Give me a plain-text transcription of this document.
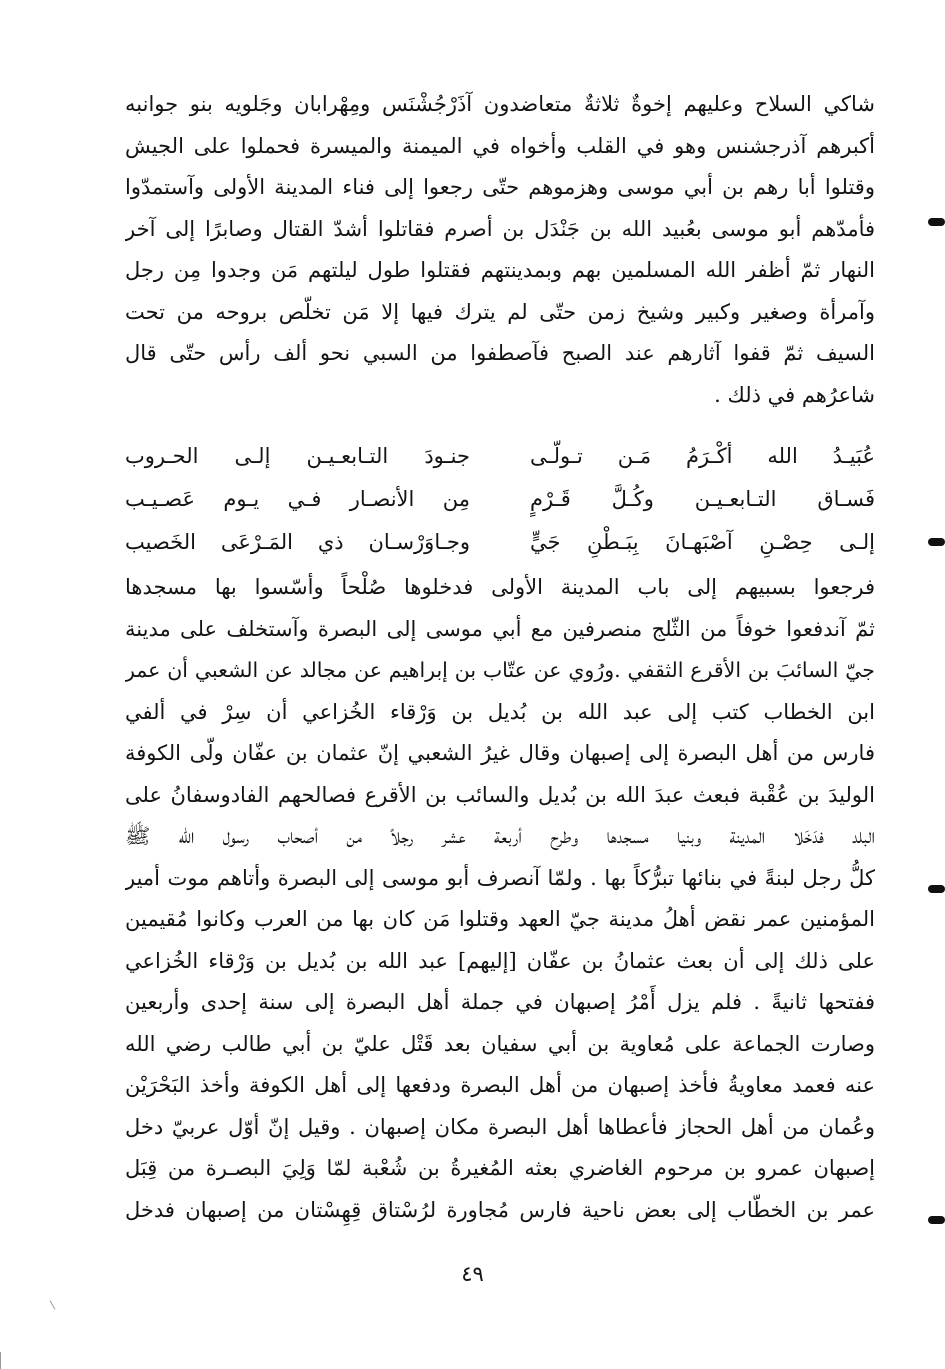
شاكي السلاح وعليهم إخوةٌ ثلاثةٌ متعاضدون آذَرْجُشْنَس ومِهْرابان وجَلويه بنو جوانبه
أكبرهم آذرجشنس وهو في القلب وأخواه في الميمنة والميسرة فحملوا على الجيش
وقتلوا أبا رهم بن أبي موسى وهزموهم حتّى رجعوا إلى فناء المدينة الأولى وآستمدّوا
فأمدّهم أبو موسى بعُبيد الله بن جَنْدَل بن أصرم فقاتلوا أشدّ القتال وصابرًا إلى آخر
النهار ثمّ أظفر الله المسلمين بهم وبمدينتهم فقتلوا طول ليلتهم مَن وجدوا مِن رجل
وآمرأة وصغير وكبير وشيخ زمن حتّى لم يترك فيها إلا مَن تخلّص بروحه من تحت
السيف ثمّ قفوا آثارهم عند الصبح فآصطفوا من السبي نحو ألف رأس حتّى قال
شاعرُهم في ذلك .
عُبَيـدُ الله أكْـرَمُ مَـن تـولّـى
جنـودَ التـابعـيـن إلـى الحـروب
فَسـاق التـابعـيـن وكُـلَّ قَـرْمٍ
مِن الأنصـار فـي يـوم عَصـيـب
إلـى حِصْـنِ آصْبَهـانَ بِبَـطْنِ جَيٍّ
وجـاوَرْسـان ذي المَـرْعَى الخَصيب
فرجعوا بسبيهم إلى باب المدينة الأولى فدخلوها صُلْحاً وأسّسوا بها مسجدها
ثمّ آندفعوا خوفاً من الثّلج منصرفين مع أبي موسى إلى البصرة وآستخلف على مدينة
جيّ السائبَ بن الأقرع الثقفي .ورُوي عن عتّاب بن إبراهيم عن مجالد عن الشعبي أن عمر
ابن الخطاب كتب إلى عبد الله بن بُديل بن وَرْقاء الخُزاعي أن سِرْ في ألفي
فارس من أهل البصرة إلى إصبهان وقال غيرُ الشعبي إنّ عثمان بن عفّان ولّى الكوفة
الوليدَ بن عُقْبة فبعث عبدَ الله بن بُديل والسائب بن الأقرع فصالحهم الفادوسفانُ على
البلد فدَخَلا المدينة وبنيا مسجدها وطرح أربعة عشر رجلاً من أصحاب رسول الله ﷺ
كلُّ رجل لبنةً في بنائها تبرُّكاً بها . ولمّا آنصرف أبو موسى إلى البصرة وأتاهم موت أمير
المؤمنين عمر نقض أهلُ مدينة جيّ العهد وقتلوا مَن كان بها من العرب وكانوا مُقيمين
على ذلك إلى أن بعث عثمانُ بن عفّان [إليهم] عبد الله بن بُديل بن وَرْقاء الخُزاعي
ففتحها ثانيةً . فلم يزل أَمْرُ إصبهان في جملة أهل البصرة إلى سنة إحدى وأربعين
وصارت الجماعة على مُعاوية بن أبي سفيان بعد قَتْل عليّ بن أبي طالب رضي الله
عنه فعمد معاويةُ فأخذ إصبهان من أهل البصرة ودفعها إلى أهل الكوفة وأخذ البَحْرَيْن
وعُمان من أهل الحجاز فأعطاها أهل البصرة مكان إصبهان . وقيل إنّ أوّل عربيّ دخل
إصبهان عمرو بن مرحوم الغاضري بعثه المُغيرةُ بن شُعْبة لمّا وَلِيَ البصـرة من قِبَل
عمر بن الخطّاب إلى بعض ناحية فارس مُجاورة لرُسْتاق قِهِسْتان من إصبهان فدخل
٤٩
